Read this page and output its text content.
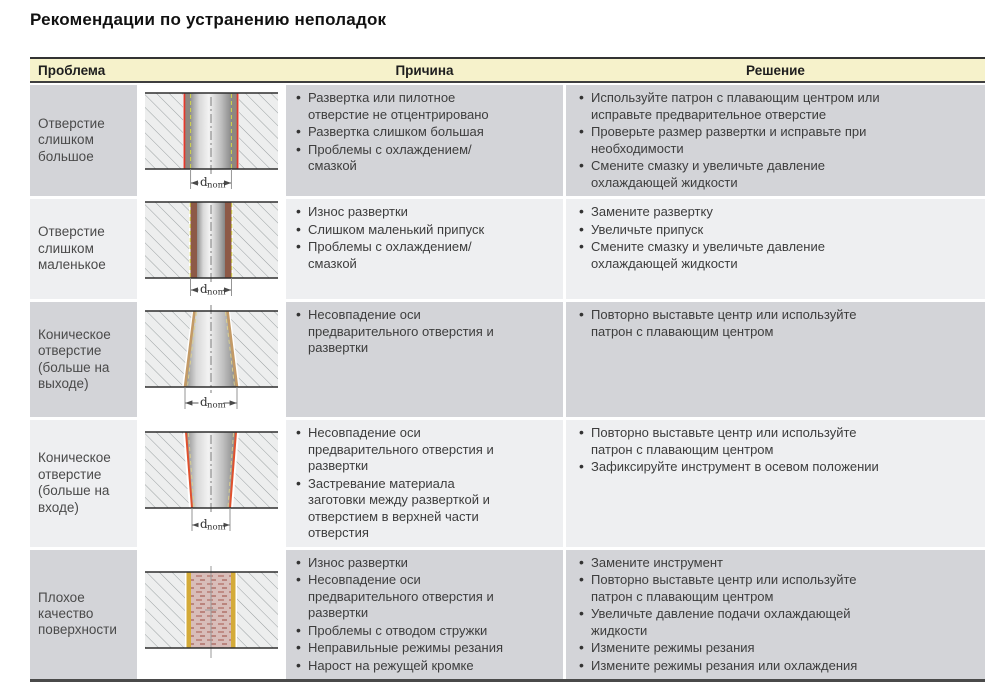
Рекомендации по устранению неполадок
Проблема	Причина	Решение
Отверстие слишком большое
d nom
• Развертка или пилотное отверстие не отцентрировано
• Развертка слишком большая
• Проблемы с охлаждением/смазкой
• Используйте патрон с плавающим центром или исправьте предварительное отверстие
• Проверьте размер развертки и исправьте при необходимости
• Смените смазку и увеличьте давление охлаждающей жидкости
Отверстие слишком маленькое
d nom
• Износ развертки
• Слишком маленький припуск
• Проблемы с охлаждением/смазкой
• Замените развертку
• Увеличьте припуск
• Смените смазку и увеличьте давление охлаждающей жидкости
Коническое отверстие (больше на выходе)
d nom
• Несовпадение оси предварительного отверстия и развертки
• Повторно выставьте центр или используйте патрон с плавающим центром
Коническое отверстие (больше на входе)
d nom
• Несовпадение оси предварительного отверстия и развертки
• Застревание материала заготовки между разверткой и отверстием в верхней части отверстия
• Повторно выставьте центр или используйте патрон с плавающим центром
• Зафиксируйте инструмент в осевом положении
Плохое качество поверхности
• Износ развертки
• Несовпадение оси предварительного отверстия и развертки
• Проблемы с отводом стружки
• Неправильные режимы резания
• Нарост на режущей кромке
• Замените инструмент
• Повторно выставьте центр или используйте патрон с плавающим центром
• Увеличьте давление подачи охлаждающей жидкости
• Измените режимы резания
• Измените режимы резания или охлаждения
